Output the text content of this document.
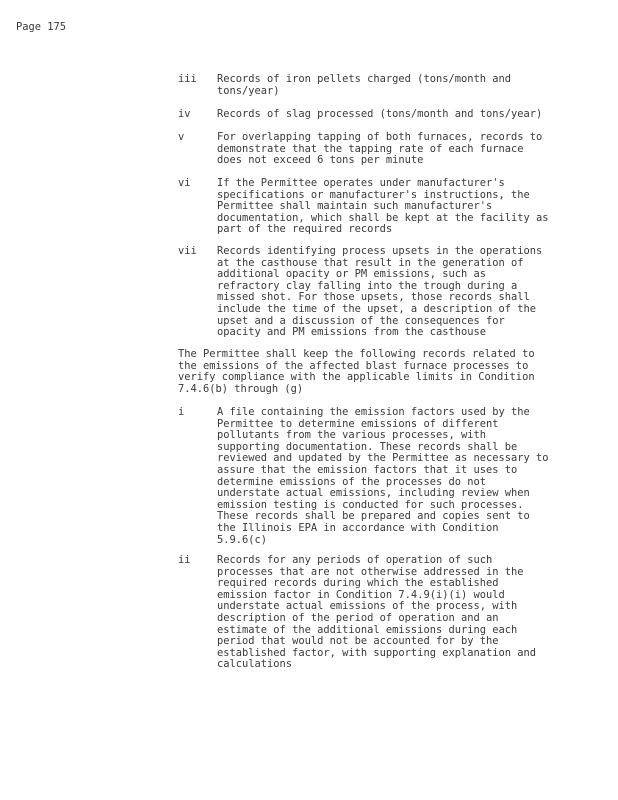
Page 175
iii Records of iron pellets charged (tons/month and
tons/year)
iv	Records of slag processed (tons/month and tons/year)
v	For overlapping tapping of both furnaces, records to
demonstrate that the tapping rate of each furnace
does not exceed 6 tons per minute
vi	If the Permittee operates under manufacturer's
specifications or manufacturer's instructions, the
Permittee shall maintain such manufacturer's
documentation, which shall be kept at the facility as
part of the required records
vii Records identifying process upsets in the operations
at the casthouse that result in the generation of
additional opacity or PM emissions, such as
refractory clay falling into the trough during a
missed shot. For those upsets, those records shall
include the time of the upset, a description of the
upset and a discussion of the consequences for
opacity and PM emissions from the casthouse
The Permittee shall keep the following records related to
the emissions of the affected blast furnace processes to
verify compliance with the applicable limits in Condition
7.4.6(b) through (g)
i	A file containing the emission factors used by the
Permittee to determine emissions of different
pollutants from the various processes, with
supporting documentation. These records shall be
reviewed and updated by the Permittee as necessary to
assure that the emission factors that it uses to
determine emissions of the processes do not
understate actual emissions, including review when
emission testing is conducted for such processes.
These records shall be prepared and copies sent to
the Illinois EPA in accordance with Condition
5.9.6(c)
ii	Records for any periods of operation of such
processes that are not otherwise addressed in the
required records during which the established
emission factor in Condition 7.4.9(i)(i) would
understate actual emissions of the process, with
description of the period of operation and an
estimate of the additional emissions during each
period that would not be accounted for by the
established factor, with supporting explanation and
calculations
